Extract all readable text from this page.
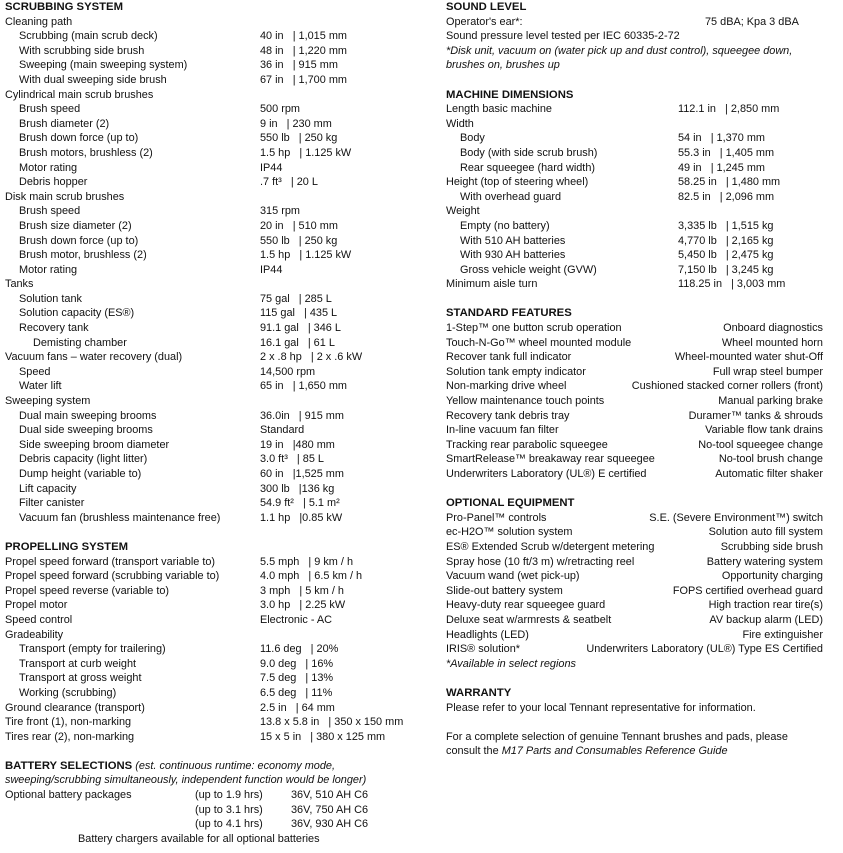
SCRUBBING SYSTEM
Cleaning path
Scrubbing (main scrub deck)	40 in   | 1,015 mm
With scrubbing side brush	48 in   | 1,220 mm
Sweeping (main sweeping system)	36 in   | 915 mm
With dual sweeping side brush	67 in   | 1,700 mm
Cylindrical main scrub brushes
Brush speed	500 rpm
Brush diameter (2)	9 in   | 230 mm
Brush down force (up to)	550 lb   | 250 kg
Brush motors, brushless (2)	1.5 hp   | 1.125 kW
Motor rating	IP44
Debris hopper	.7 ft³   | 20 L
Disk main scrub brushes
Brush speed	315 rpm
Brush size diameter (2)	20 in   | 510 mm
Brush down force (up to)	550 lb   | 250 kg
Brush motor, brushless (2)	1.5 hp   | 1.125 kW
Motor rating	IP44
Tanks
Solution tank	75 gal   | 285 L
Solution capacity (ES®)	115 gal   | 435 L
Recovery tank	91.1 gal   | 346 L
Demisting chamber	16.1 gal   | 61 L
Vacuum fans – water recovery (dual)	2 x .8 hp   | 2 x .6 kW
Speed	14,500 rpm
Water lift	65 in   | 1,650 mm
Sweeping system
Dual main sweeping brooms	36.0in   | 915 mm
Dual side sweeping brooms	Standard
Side sweeping broom diameter	19 in   |480 mm
Debris capacity (light litter)	3.0 ft³   | 85 L
Dump height (variable to)	60 in   |1,525 mm
Lift capacity	300 lb   |136 kg
Filter canister	54.9 ft²   | 5.1 m²
Vacuum fan (brushless maintenance free)	1.1 hp   |0.85 kW
PROPELLING SYSTEM
Propel speed forward (transport variable to)	5.5 mph   | 9 km / h
Propel speed forward (scrubbing variable to)	4.0 mph   | 6.5 km / h
Propel speed reverse (variable to)	3 mph   | 5 km / h
Propel motor	3.0 hp   | 2.25 kW
Speed control	Electronic - AC
Gradeability
Transport (empty for trailering)	11.6 deg   | 20%
Transport at curb weight	9.0 deg   | 16%
Transport at gross weight	7.5 deg   | 13%
Working (scrubbing)	6.5 deg   | 11%
Ground clearance (transport)	2.5 in   | 64 mm
Tire front (1), non-marking	13.8 x 5.8 in   | 350 x 150 mm
Tires rear (2), non-marking	15 x 5 in   | 380 x 125 mm
BATTERY SELECTIONS (est. continuous runtime: economy mode,
sweeping/scrubbing simultaneously, independent function would be longer)
Optional battery packages	(up to 1.9 hrs)	36V, 510 AH C6
(up to 3.1 hrs)	36V, 750 AH C6
(up to 4.1 hrs)	36V, 930 AH C6
Battery chargers available for all optional batteries
SOUND LEVEL
Operator's ear*:	75 dBA; Kpa 3 dBA
Sound pressure level tested per IEC 60335-2-72
*Disk unit, vacuum on (water pick up and dust control), squeegee down,
brushes on, brushes up
MACHINE DIMENSIONS
Length basic machine	112.1 in   | 2,850 mm
Width
Body	54 in   | 1,370 mm
Body (with side scrub brush)	55.3 in   | 1,405 mm
Rear squeegee (hard width)	49 in   | 1,245 mm
Height (top of steering wheel)	58.25 in   | 1,480 mm
With overhead guard	82.5 in   | 2,096 mm
Weight
Empty (no battery)	3,335 lb   | 1,515 kg
With 510 AH batteries	4,770 lb   | 2,165 kg
With 930 AH batteries	5,450 lb   | 2,475 kg
Gross vehicle weight (GVW)	7,150 lb   | 3,245 kg
Minimum aisle turn	118.25 in   | 3,003 mm
STANDARD FEATURES
1-Step™ one button scrub operation	Onboard diagnostics
Touch-N-Go™ wheel mounted module	Wheel mounted horn
Recover tank full indicator	Wheel-mounted water shut-Off
Solution tank empty indicator	Full wrap steel bumper
Non-marking drive wheel	Cushioned stacked corner rollers (front)
Yellow maintenance touch points	Manual parking brake
Recovery tank debris tray	Duramer™ tanks & shrouds
In-line vacuum fan filter	Variable flow tank drains
Tracking rear parabolic squeegee	No-tool squeegee change
SmartRelease™ breakaway rear squeegee	No-tool brush change
Underwriters Laboratory (UL®) E certified	Automatic filter shaker
OPTIONAL EQUIPMENT
Pro-Panel™ controls	S.E. (Severe Environment™) switch
ec-H2O™ solution system	Solution auto fill system
ES® Extended Scrub w/detergent metering	Scrubbing side brush
Spray hose (10 ft/3 m) w/retracting reel	Battery watering system
Vacuum wand (wet pick-up)	Opportunity charging
Slide-out battery system	FOPS certified overhead guard
Heavy-duty rear squeegee guard	High traction rear tire(s)
Deluxe seat w/armrests & seatbelt	AV backup alarm (LED)
Headlights (LED)	Fire extinguisher
IRIS® solution*	Underwriters Laboratory (UL®) Type ES Certified
*Available in select regions
WARRANTY
Please refer to your local Tennant representative for information.
For a complete selection of genuine Tennant brushes and pads, please
consult the M17 Parts and Consumables Reference Guide
